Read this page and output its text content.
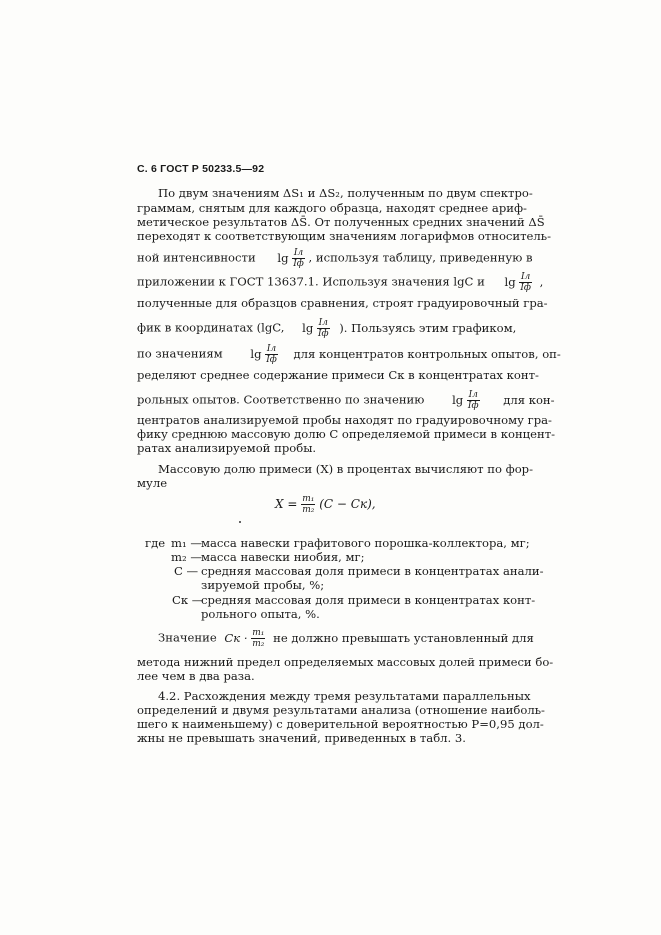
С. 6 ГОСТ Р 50233.5—92
По двум значениям ΔS₁ и ΔS₂, полученным по двум спектро-
граммам, снятым для каждого образца, находят среднее ариф-
метическое результатов ΔS̄. От полученных средних значений ΔS̄
переходят к соответствующим значениям логарифмов относитель-
ной интенсивности $\lg \frac{Iл}{Iф}$ , используя таблицу, приведенную в
приложении к ГОСТ 13637.1. Используя значения lgC и $\lg \frac{Iл}{Iф}$ ,
полученные для образцов сравнения, строят градуировочный гра-
фик в координатах (lgC, $\lg \frac{Iл}{Iф}$ ). Пользуясь этим графиком,
по значениям $\lg \frac{Iл}{Iф}$ для концентратов контрольных опытов, оп-
ределяют среднее содержание примеси Cк в концентратах конт-
рольных опытов. Соответственно по значению $\lg \frac{Iл}{Iф}$ для кон-
центратов анализируемой пробы находят по градуировочному гра-
фику среднюю массовую долю C определяемой примеси в концент-
ратах анализируемой пробы.
Массовую долю примеси (X) в процентах вычисляют по фор-
муле
$X = \frac{\text{m₁}}{\text{m₂}} (C - Cк)$,
где m₁ — масса навески графитового порошка-коллектора, мг;
m₂ — масса навески ниобия, мг;
C — средняя массовая доля примеси в концентратах анали-
зируемой пробы, %;
Cк —
средняя массовая доля примеси в концентратах конт-
рольного опыта, %.
Значение Cк · $\frac{\text{m₁}}{\text{m₂}}$ не должно превышать установленный для
метода нижний предел определяемых массовых долей примеси бо-
лее чем в два раза.
4.2. Расхождения между тремя результатами параллельных
определений и двумя результатами анализа (отношение наиболь-
шего к наименьшему) с доверительной вероятностью P=0,95 дол-
жны не превышать значений, приведенных в табл. 3.
